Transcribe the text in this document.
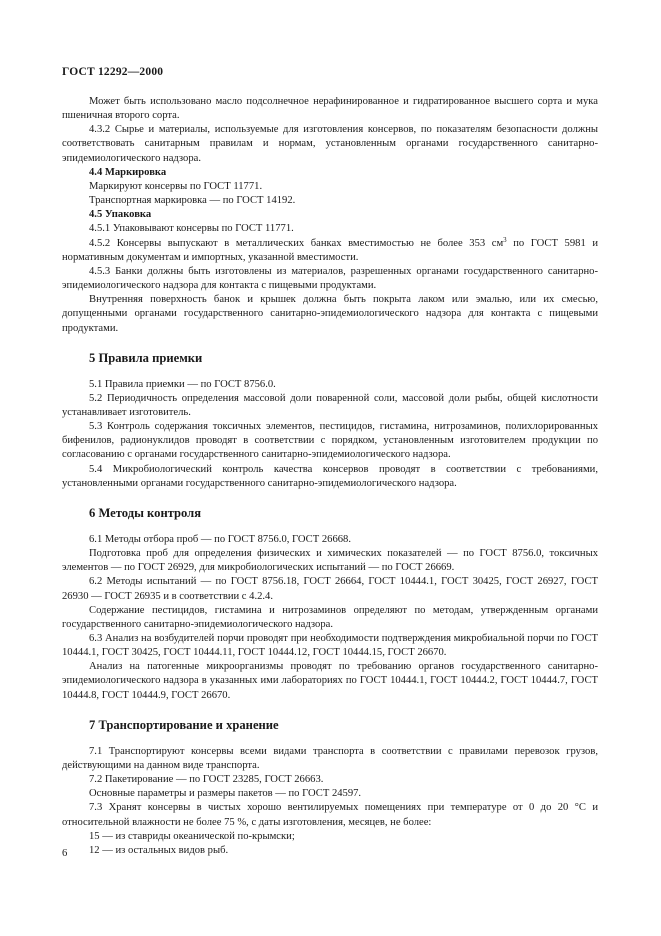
ГОСТ 12292—2000

Может быть использовано масло подсолнечное нерафинированное и гидратированное высшего сорта и мука пшеничная второго сорта.

4.3.2 Сырье и материалы, используемые для изготовления консервов, по показателям безопасности должны соответствовать санитарным правилам и нормам, установленным органами государственного санитарно-эпидемиологического надзора.

4.4 Маркировка

Маркируют консервы по ГОСТ 11771.

Транспортная маркировка — по ГОСТ 14192.

4.5 Упаковка

4.5.1 Упаковывают консервы по ГОСТ 11771.

4.5.2 Консервы выпускают в металлических банках вместимостью не более 353 $см^3$ по ГОСТ 5981 и нормативным документам и импортных, указанной вместимости.

4.5.3 Банки должны быть изготовлены из материалов, разрешенных органами государственного санитарно-эпидемиологического надзора для контакта с пищевыми продуктами.

Внутренняя поверхность банок и крышек должна быть покрыта лаком или эмалью, или их смесью, допущенными органами государственного санитарно-эпидемиологического надзора для контакта с пищевыми продуктами.

5 Правила приемки

5.1 Правила приемки — по ГОСТ 8756.0.

5.2 Периодичность определения массовой доли поваренной соли, массовой доли рыбы, общей кислотности устанавливает изготовитель.

5.3 Контроль содержания токсичных элементов, пестицидов, гистамина, нитрозаминов, полихлорированных бифенилов, радионуклидов проводят в соответствии с порядком, установленным изготовителем продукции по согласованию с органами государственного санитарно-эпидемиологического надзора.

5.4 Микробиологический контроль качества консервов проводят в соответствии с требованиями, установленными органами государственного санитарно-эпидемиологического надзора.

6 Методы контроля

6.1 Методы отбора проб — по ГОСТ 8756.0, ГОСТ 26668.

Подготовка проб для определения физических и химических показателей — по ГОСТ 8756.0, токсичных элементов — по ГОСТ 26929, для микробиологических испытаний — по ГОСТ 26669.

6.2 Методы испытаний — по ГОСТ 8756.18, ГОСТ 26664, ГОСТ 10444.1, ГОСТ 30425, ГОСТ 26927, ГОСТ 26930 — ГОСТ 26935 и в соответствии с 4.2.4.

Содержание пестицидов, гистамина и нитрозаминов определяют по методам, утвержденным органами государственного санитарно-эпидемиологического надзора.

6.3 Анализ на возбудителей порчи проводят при необходимости подтверждения микробиальной порчи по ГОСТ 10444.1, ГОСТ 30425, ГОСТ 10444.11, ГОСТ 10444.12, ГОСТ 10444.15, ГОСТ 26670.

Анализ на патогенные микроорганизмы проводят по требованию органов государственного санитарно-эпидемиологического надзора в указанных ими лабораториях по ГОСТ 10444.1, ГОСТ 10444.2, ГОСТ 10444.7, ГОСТ 10444.8, ГОСТ 10444.9, ГОСТ 26670.

7 Транспортирование и хранение

7.1 Транспортируют консервы всеми видами транспорта в соответствии с правилами перевозок грузов, действующими на данном виде транспорта.

7.2 Пакетирование — по ГОСТ 23285, ГОСТ 26663.

Основные параметры и размеры пакетов — по ГОСТ 24597.

7.3 Хранят консервы в чистых хорошо вентилируемых помещениях при температуре от 0 до 20 °С и относительной влажности не более 75 %, с даты изготовления, месяцев, не более:

15 — из ставриды океанической по-крымски;

12 — из остальных видов рыб.

6
